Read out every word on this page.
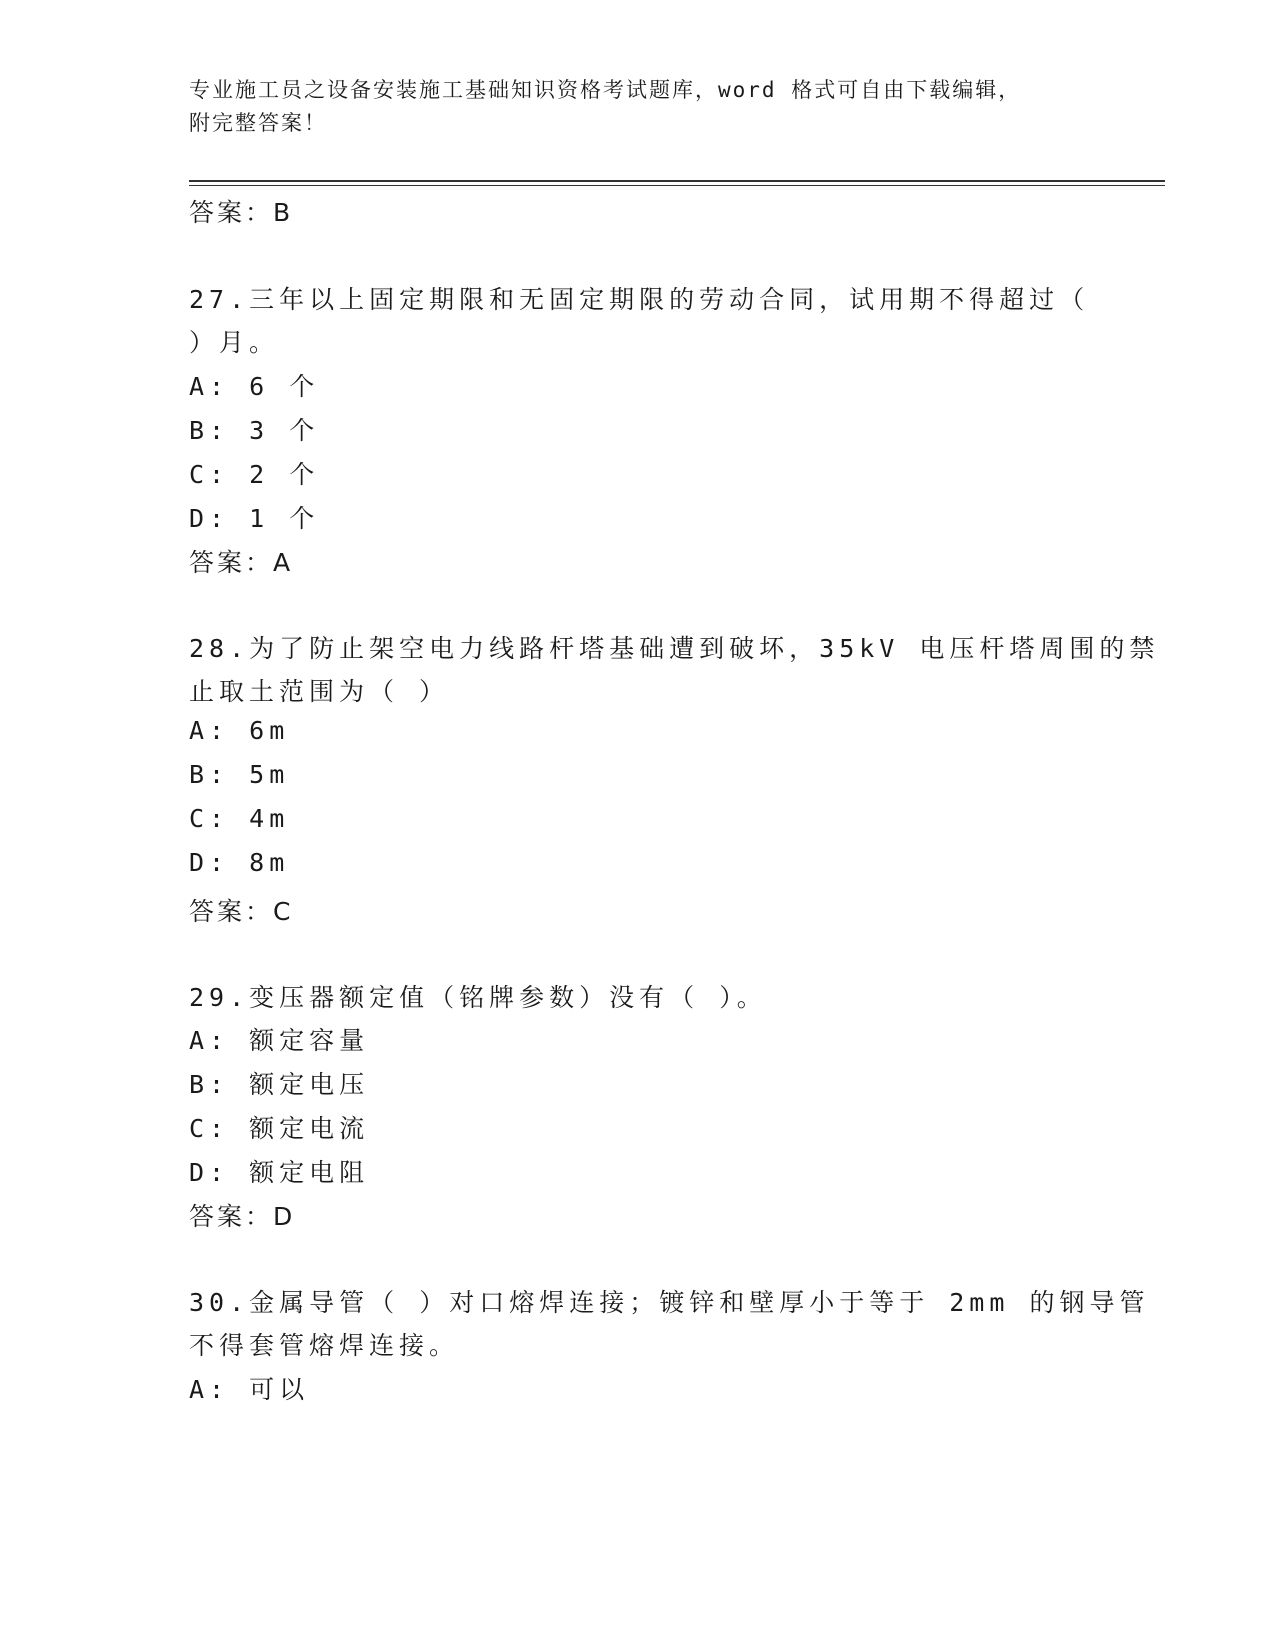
专业施工员之设备安装施工基础知识资格考试题库，word 格式可自由下载编辑，
附完整答案！
答案：B
27.三年以上固定期限和无固定期限的劳动合同，试用期不得超过（
）月。
A: 6 个
B: 3 个
C: 2 个
D: 1 个
答案：A
28.为了防止架空电力线路杆塔基础遭到破坏，35kV 电压杆塔周围的禁
止取土范围为（ ）
A: 6m
B: 5m
C: 4m
D: 8m
答案：C
29.变压器额定值（铭牌参数）没有（ ）。
A: 额定容量
B: 额定电压
C: 额定电流
D: 额定电阻
答案：D
30.金属导管（ ）对口熔焊连接；镀锌和壁厚小于等于 2mm 的钢导管
不得套管熔焊连接。
A: 可以
